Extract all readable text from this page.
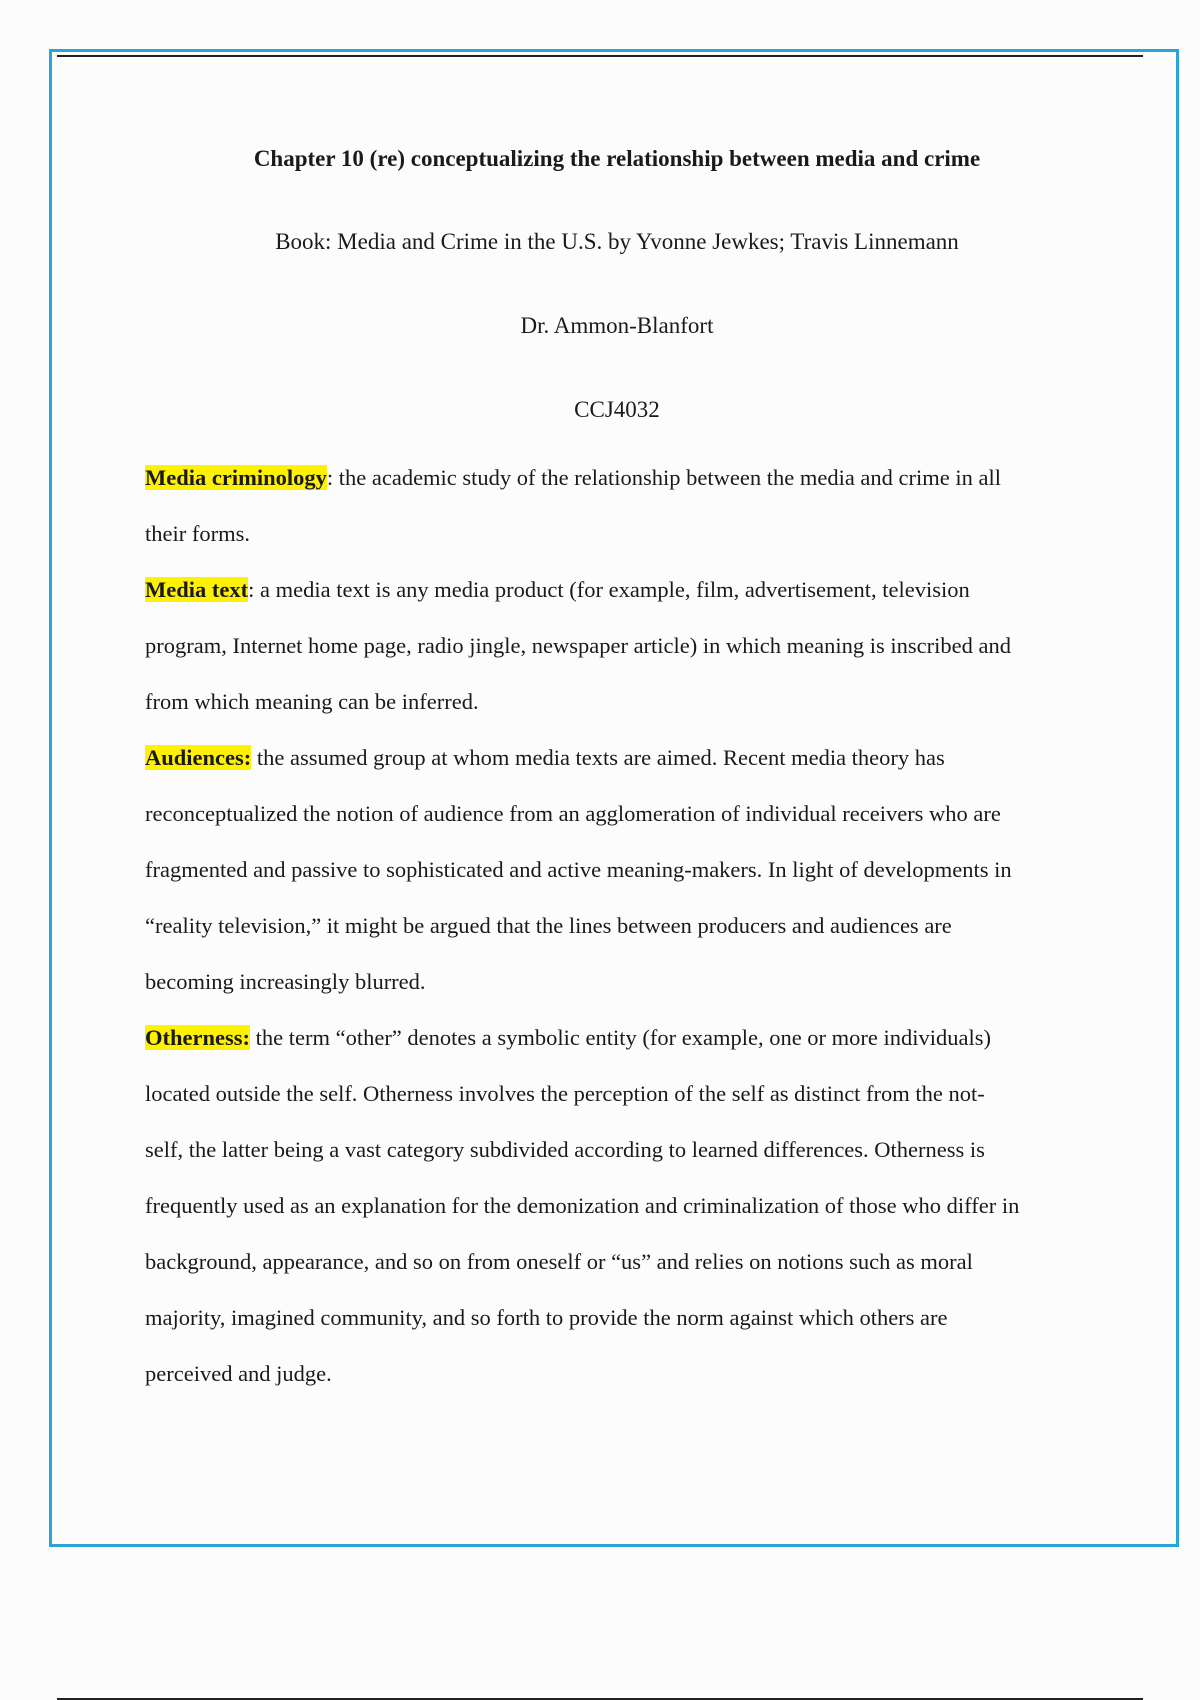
Chapter 10 (re) conceptualizing the relationship between media and crime
Book: Media and Crime in the U.S. by Yvonne Jewkes; Travis Linnemann
Dr. Ammon-Blanfort
CCJ4032
Media criminology: the academic study of the relationship between the media and crime in all
their forms.
Media text: a media text is any media product (for example, film, advertisement, television
program, Internet home page, radio jingle, newspaper article) in which meaning is inscribed and
from which meaning can be inferred.
Audiences: the assumed group at whom media texts are aimed. Recent media theory has
reconceptualized the notion of audience from an agglomeration of individual receivers who are
fragmented and passive to sophisticated and active meaning-makers. In light of developments in
“reality television,” it might be argued that the lines between producers and audiences are
becoming increasingly blurred.
Otherness: the term “other” denotes a symbolic entity (for example, one or more individuals)
located outside the self. Otherness involves the perception of the self as distinct from the not-
self, the latter being a vast category subdivided according to learned differences. Otherness is
frequently used as an explanation for the demonization and criminalization of those who differ in
background, appearance, and so on from oneself or “us” and relies on notions such as moral
majority, imagined community, and so forth to provide the norm against which others are
perceived and judge.
